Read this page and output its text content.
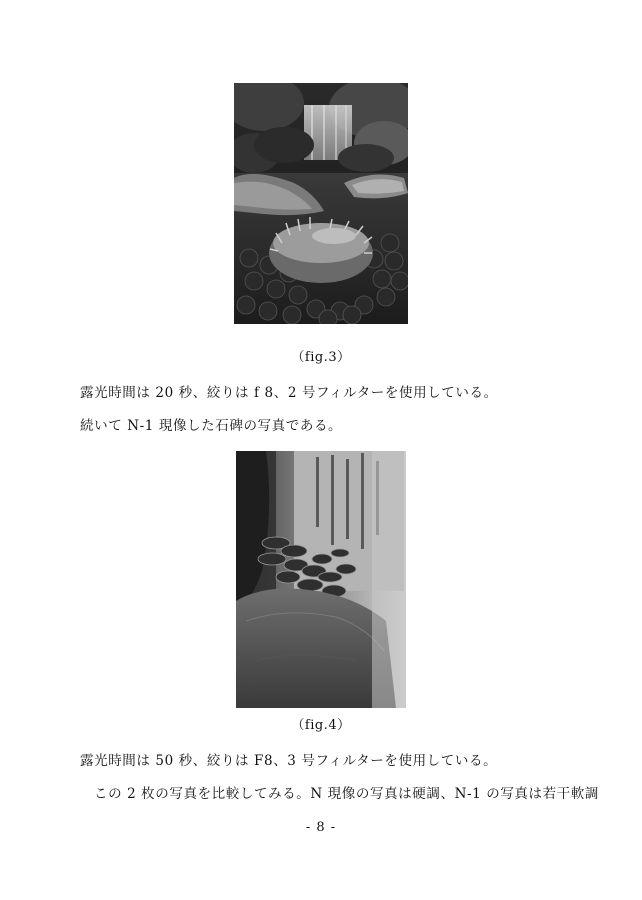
（fig.3）
露光時間は 20 秒、絞りは f 8、2 号フィルターを使用している。
続いて N-1 現像した石碑の写真である。
（fig.4）
露光時間は 50 秒、絞りは F8、3 号フィルターを使用している。
この 2 枚の写真を比較してみる。N 現像の写真は硬調、N-1 の写真は若干軟調
- 8 -
